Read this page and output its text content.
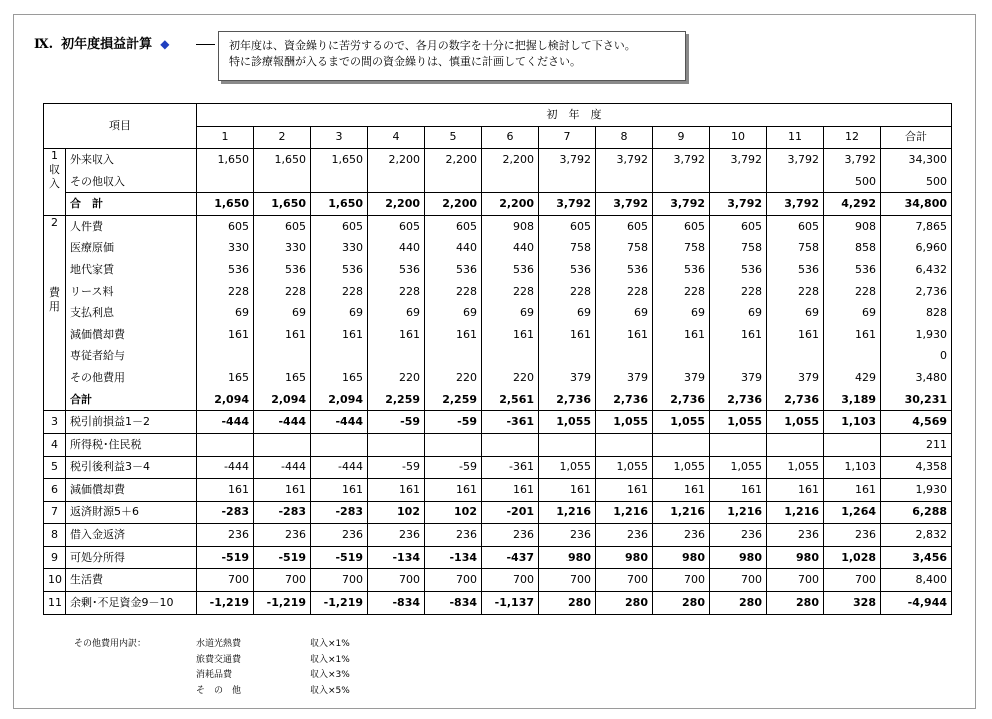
Ⅸ. 初年度損益計算 ◆	初年度は、資金繰りに苦労するので、各月の数字を十分に把握し検討して下さい。
特に診療報酬が入るまでの間の資金繰りは、慎重に計画してください。
項目		初　年　度												
		1	2	3	4	5	6	7	8	9	10	11	12	合計

1
収
入	外来収入	1,650	1,650	1,650	2,200	2,200	2,200	3,792	3,792	3,792	3,792	3,792	3,792	34,300
	その他収入												500	500
	合　計	1,650	1,650	1,650	2,200	2,200	2,200	3,792	3,792	3,792	3,792	3,792	4,292	34,800

2
費
用	人件費	605	605	605	605	605	908	605	605	605	605	605	908	7,865
	医療原価	330	330	330	440	440	440	758	758	758	758	758	858	6,960
	地代家賃	536	536	536	536	536	536	536	536	536	536	536	536	6,432
	リース料	228	228	228	228	228	228	228	228	228	228	228	228	2,736
	支払利息	69	69	69	69	69	69	69	69	69	69	69	69	828
	減価償却費	161	161	161	161	161	161	161	161	161	161	161	161	1,930
	専従者給与													0
	その他費用	165	165	165	220	220	220	379	379	379	379	379	429	3,480
	合計	2,094	2,094	2,094	2,259	2,259	2,561	2,736	2,736	2,736	2,736	2,736	3,189	30,231
3	税引前損益1－2	-444	-444	-444	-59	-59	-361	1,055	1,055	1,055	1,055	1,055	1,103	4,569
4	所得税･住民税													211
5	税引後利益3－4	-444	-444	-444	-59	-59	-361	1,055	1,055	1,055	1,055	1,055	1,103	4,358
6	減価償却費	161	161	161	161	161	161	161	161	161	161	161	161	1,930
7	返済財源5＋6	-283	-283	-283	102	102	-201	1,216	1,216	1,216	1,216	1,216	1,264	6,288
8	借入金返済	236	236	236	236	236	236	236	236	236	236	236	236	2,832
9	可処分所得	-519	-519	-519	-134	-134	-437	980	980	980	980	980	1,028	3,456
10	生活費	700	700	700	700	700	700	700	700	700	700	700	700	8,400
11	余剰･不足資金9－10	-1,219	-1,219	-1,219	-834	-834	-1,137	280	280	280	280	280	328	-4,944
その他費用内訳：	水道光熱費	収入×1%
旅費交通費	収入×1%
消耗品費	収入×3%
そ　の　他	収入×5%
